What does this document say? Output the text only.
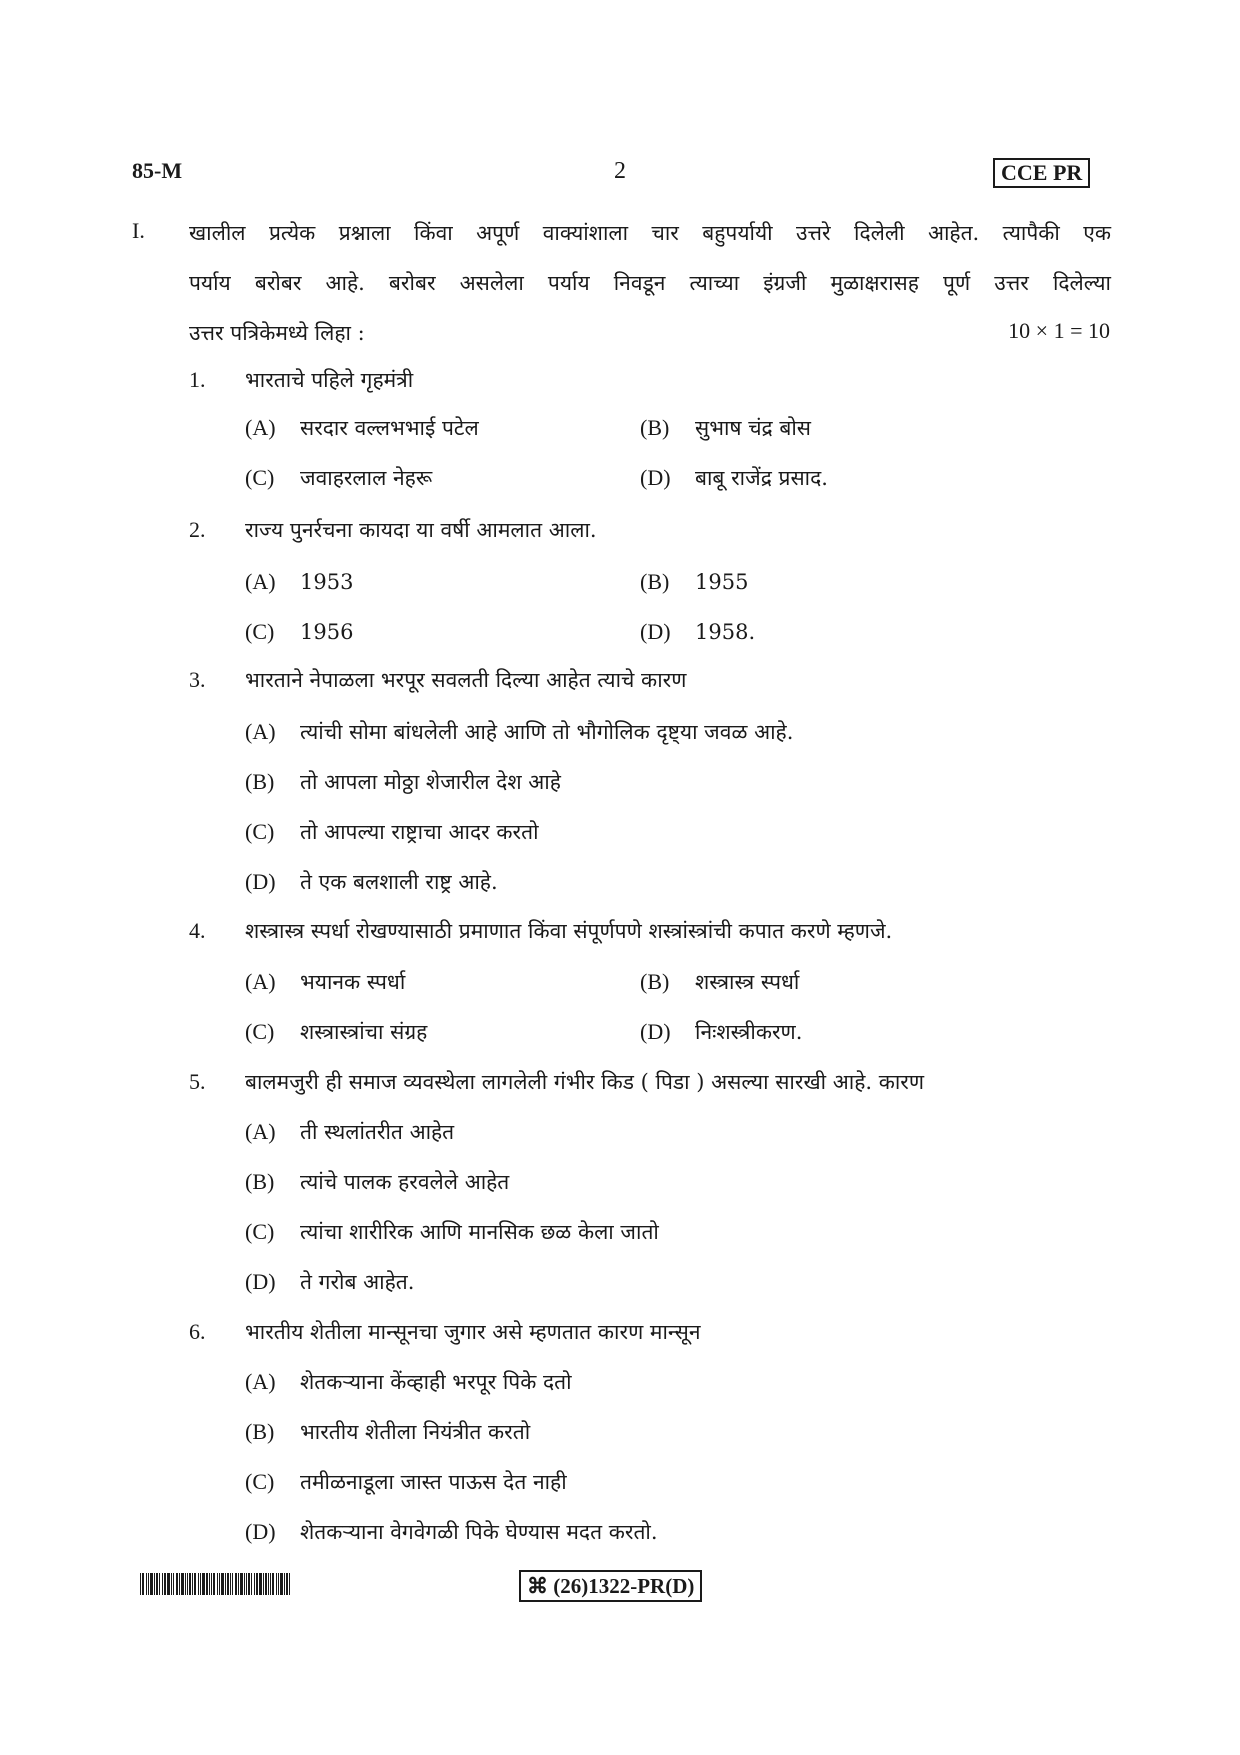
85-M	2	CCE PR
I. खालील प्रत्येक प्रश्नाला किंवा अपूर्ण वाक्यांशाला चार बहुपर्यायी उत्तरे दिलेली आहेत. त्यापैकी एक
पर्याय बरोबर आहे. बरोबर असलेला पर्याय निवडून त्याच्या इंग्रजी मुळाक्षरासह पूर्ण उत्तर दिलेल्या
उत्तर पत्रिकेमध्ये लिहा :	10 × 1 = 10
1. भारताचे पहिले गृहमंत्री
(A) सरदार वल्लभभाई पटेल	(B) सुभाष चंद्र बोस
(C) जवाहरलाल नेहरू	(D) बाबू राजेंद्र प्रसाद.
2. राज्य पुनर्रचना कायदा या वर्षी आमलात आला.
(A) 1953	(B) 1955
(C) 1956	(D) 1958.
3. भारताने नेपाळला भरपूर सवलती दिल्या आहेत त्याचे कारण
(A) त्यांची सोमा बांधलेली आहे आणि तो भौगोलिक दृष्ट्या जवळ आहे.
(B) तो आपला मोठ्ठा शेजारील देश आहे
(C) तो आपल्या राष्ट्राचा आदर करतो
(D) ते एक बलशाली राष्ट्र आहे.
4. शस्त्रास्त्र स्पर्धा रोखण्यासाठी प्रमाणात किंवा संपूर्णपणे शस्त्रांस्त्रांची कपात करणे म्हणजे.
(A) भयानक स्पर्धा	(B) शस्त्रास्त्र स्पर्धा
(C) शस्त्रास्त्रांचा संग्रह	(D) निःशस्त्रीकरण.
5. बालमजुरी ही समाज व्यवस्थेला लागलेली गंभीर किड ( पिडा ) असल्या सारखी आहे. कारण
(A) ती स्थलांतरीत आहेत
(B) त्यांचे पालक हरवलेले आहेत
(C) त्यांचा शारीरिक आणि मानसिक छळ केला जातो
(D) ते गरोब आहेत.
6. भारतीय शेतीला मान्सूनचा जुगार असे म्हणतात कारण मान्सून
(A) शेतकऱ्याना केंव्हाही भरपूर पिके दतो
(B) भारतीय शेतीला नियंत्रीत करतो
(C) तमीळनाडूला जास्त पाऊस देत नाही
(D) शेतकऱ्याना वेगवेगळी पिके घेण्यास मदत करतो.
⌘ (26)1322-PR(D)
